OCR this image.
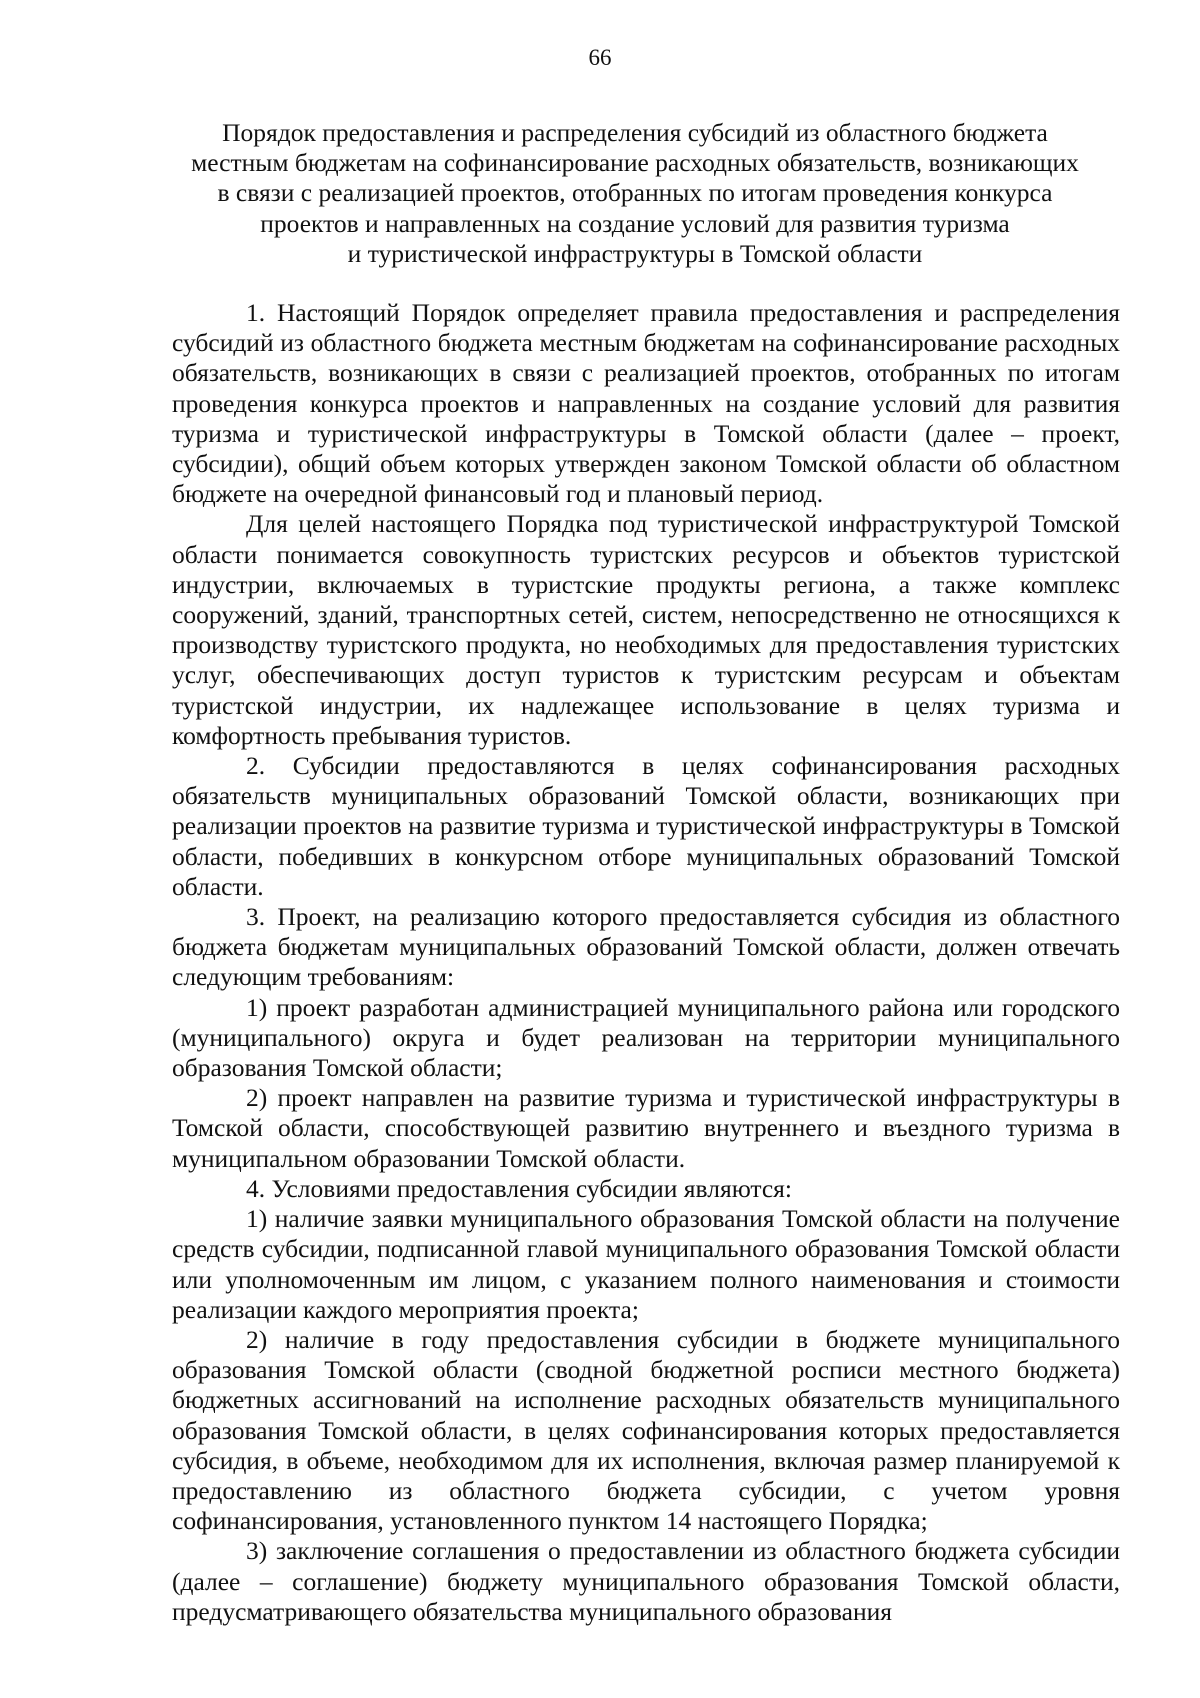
66
Порядок предоставления и распределения субсидий из областного бюджета
местным бюджетам на софинансирование расходных обязательств, возникающих
в связи с реализацией проектов, отобранных по итогам проведения конкурса
проектов и направленных на создание условий для развития туризма
и туристической инфраструктуры в Томской области

1. Настоящий Порядок определяет правила предоставления и распределения субсидий из областного бюджета местным бюджетам на софинансирование расходных обязательств, возникающих в связи с реализацией проектов, отобранных по итогам проведения конкурса проектов и направленных на создание условий для развития туризма и туристической инфраструктуры в Томской области (далее – проект, субсидии), общий объем которых утвержден законом Томской области об областном бюджете на очередной финансовый год и плановый период.

Для целей настоящего Порядка под туристической инфраструктурой Томской области понимается совокупность туристских ресурсов и объектов туристской индустрии, включаемых в туристские продукты региона, а также комплекс сооружений, зданий, транспортных сетей, систем, непосредственно не относящихся к производству туристского продукта, но необходимых для предоставления туристских услуг, обеспечивающих доступ туристов к туристским ресурсам и объектам туристской индустрии, их надлежащее использование в целях туризма и комфортность пребывания туристов.

2. Субсидии предоставляются в целях софинансирования расходных обязательств муниципальных образований Томской области, возникающих при реализации проектов на развитие туризма и туристической инфраструктуры в Томской области, победивших в конкурсном отборе муниципальных образований Томской области.

3. Проект, на реализацию которого предоставляется субсидия из областного бюджета бюджетам муниципальных образований Томской области, должен отвечать следующим требованиям:

1) проект разработан администрацией муниципального района или городского (муниципального) округа и будет реализован на территории муниципального образования Томской области;

2) проект направлен на развитие туризма и туристической инфраструктуры в Томской области, способствующей развитию внутреннего и въездного туризма в муниципальном образовании Томской области.

4. Условиями предоставления субсидии являются:

1) наличие заявки муниципального образования Томской области на получение средств субсидии, подписанной главой муниципального образования Томской области или уполномоченным им лицом, с указанием полного наименования и стоимости реализации каждого мероприятия проекта;

2) наличие в году предоставления субсидии в бюджете муниципального образования Томской области (сводной бюджетной росписи местного бюджета) бюджетных ассигнований на исполнение расходных обязательств муниципального образования Томской области, в целях софинансирования которых предоставляется субсидия, в объеме, необходимом для их исполнения, включая размер планируемой к предоставлению из областного бюджета субсидии, с учетом уровня софинансирования, установленного пунктом 14 настоящего Порядка;

3) заключение соглашения о предоставлении из областного бюджета субсидии (далее – соглашение) бюджету муниципального образования Томской области, предусматривающего обязательства муниципального образования
